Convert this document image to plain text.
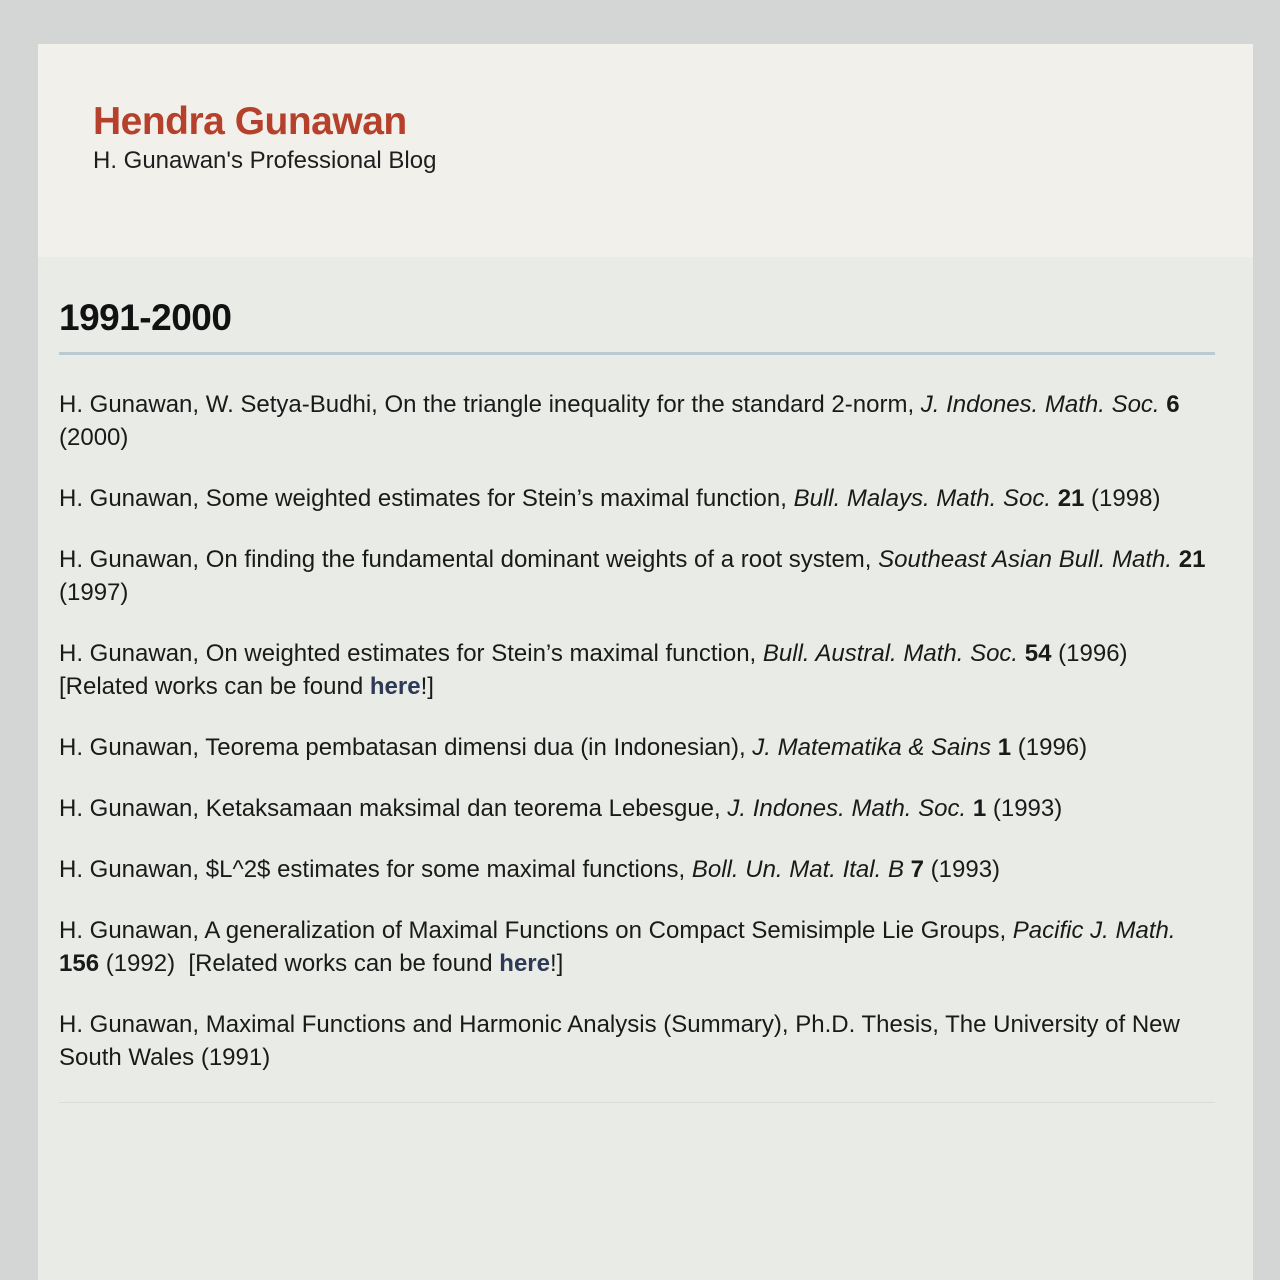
Hendra Gunawan
H. Gunawan's Professional Blog
1991-2000

H. Gunawan, W. Setya-Budhi, On the triangle inequality for the standard 2-norm, J. Indones. Math. Soc. 6 (2000)

H. Gunawan, Some weighted estimates for Stein’s maximal function, Bull. Malays. Math. Soc. 21 (1998)

H. Gunawan, On finding the fundamental dominant weights of a root system, Southeast Asian Bull. Math. 21 (1997)

H. Gunawan, On weighted estimates for Stein’s maximal function, Bull. Austral. Math. Soc. 54 (1996)  [Related works can be found here!]

H. Gunawan, Teorema pembatasan dimensi dua (in Indonesian), J. Matematika & Sains 1 (1996)

H. Gunawan, Ketaksamaan maksimal dan teorema Lebesgue, J. Indones. Math. Soc. 1 (1993)

H. Gunawan, $L^2$ estimates for some maximal functions, Boll. Un. Mat. Ital. B 7 (1993)

H. Gunawan, A generalization of Maximal Functions on Compact Semisimple Lie Groups, Pacific J. Math. 156 (1992)  [Related works can be found here!]

H. Gunawan, Maximal Functions and Harmonic Analysis (Summary), Ph.D. Thesis, The University of New South Wales (1991)
